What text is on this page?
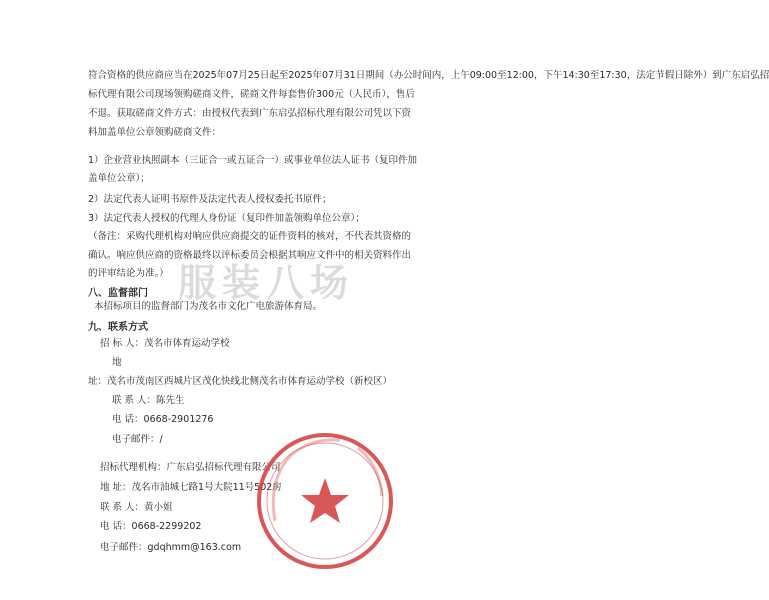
符合资格的供应商应当在2025年07月25日起至2025年07月31日期间（办公时间内，上午09:00至12:00，下午14:30至17:30，法定节假日除外）到广东启弘招
标代理有限公司现场领购磋商文件，磋商文件每套售价300元（人民币），售后
不退。获取磋商文件方式：由授权代表到广东启弘招标代理有限公司凭以下资
料加盖单位公章领购磋商文件：
1）企业营业执照副本（三证合一或五证合一）或事业单位法人证书（复印件加
盖单位公章）；
2）法定代表人证明书原件及法定代表人授权委托书原件；
3）法定代表人授权的代理人身份证（复印件加盖领购单位公章）；
（备注：采购代理机构对响应供应商提交的证件资料的核对，不代表其资格的
确认。响应供应商的资格最终以评标委员会根据其响应文件中的相关资料作出
的评审结论为准。）
八、监督部门
本招标项目的监督部门为茂名市文化广电旅游体育局。
九、联系方式
招 标 人：茂名市体育运动学校
地
址：茂名市茂南区西城片区茂化快线北侧茂名市体育运动学校（新校区）
联 系 人：陈先生
电 话：0668-2901276
电子邮件：/
招标代理机构：广东启弘招标代理有限公司
地 址：茂名市油城七路1号大院11号502房
联 系 人：黄小姐
电 话：0668-2299202
电子邮件：gdqhmm@163.com
服装八场
